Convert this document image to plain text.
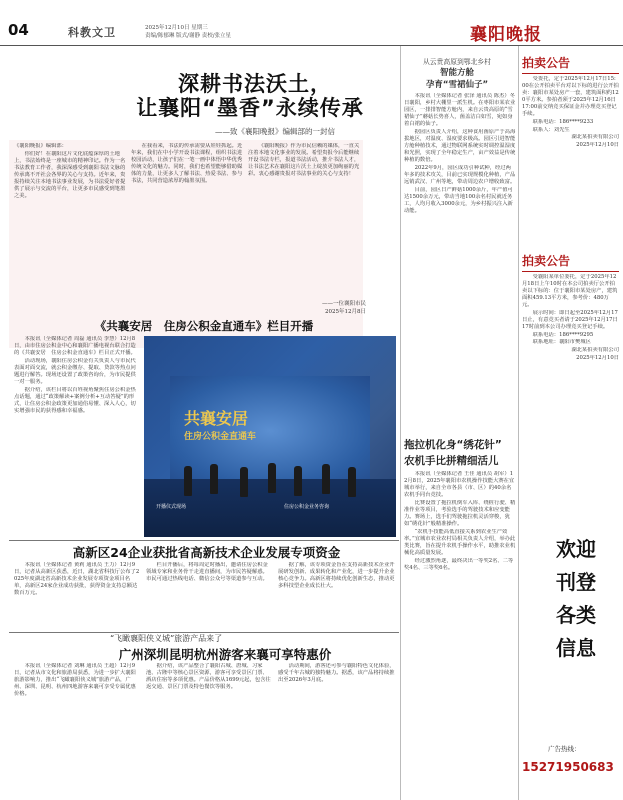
04	科教文卫	2025年12月10日 星期三
责编/陈郁琳 版式/谢静 责校/张立星	襄阳晚报
深耕书法沃土，
让襄阳“墨香”永续传承
——致《襄阳晚报》编辑部的一封信

《襄阳晚报》编辑部：

你们好！在襄阳这片文化底蕴深厚的土地上，书法始终是一座城市的精神印记。作为一名书法教育工作者，我深深感受到襄阳书法文脉的传承离不开社会各界的关心与支持。近年来，贵报持续关注本地书法事业发展，为书法爱好者提供了展示与交流的平台，让更多市民感受到笔墨之美。

在我看来，书法的传承需要从娃娃抓起。近年来，我们在中小学开设书法课程，组织书法进校园活动，让孩子们在一笔一画中体悟中华优秀传统文化的魅力。同时，我们也希望能够借助媒体的力量，让更多人了解书法、热爱书法、参与书法，共同营造浓厚的翰墨氛围。

《襄阳晚报》作为市民信赖的媒体，一直关注着本地文化事业的发展。希望贵报今后能继续开设书法专栏，报道书法活动，推介书法人才，让书法艺术在襄阳这片沃土上绽放更加绚丽的光彩。衷心感谢贵报对书法事业的关心与支持！

——一位襄阳市民
2025年12月8日
从云贵高原到鄂北乡村
智能方舱
孕育“雪裙仙子”

本报讯（全媒体记者 张泽 通讯员 陈杰）冬日襄阳，乡村大棚里一派生机。在枣阳市某农业园区，一排排智能方舱内，来自云贵高原的“雪裙仙子”蘑菇长势喜人，菌盖洁白如雪，宛如身着白裙的仙子。

据园区负责人介绍，这种食用菌原产于高海拔地区，对温度、湿度要求极高。园区引进智能方舱种植技术，通过物联网系统实时调控温湿度和光照，实现了全年稳定生产，亩产效益是传统种植的数倍。

2022年9月，园区成功引种试种，经过两年多的技术攻关，目前已实现规模化种植，产品远销武汉、广州等地，带动周边农户增收致富。

目前，园区日产鲜菇1000余斤，年产值可达1500余万元，带动当地100余名村民就近务工，人均月收入3000余元，为乡村振兴注入新动能。

拖拉机化身“绣花针”
农机手比拼精细活儿

本报讯（全媒体记者 王佳 通讯员 胡军）12月8日，2025年襄阳市农机操作技能大赛在宜城市举行，来自全市各县（市、区）的40余名农机手同台竞技。

比赛设置了拖拉机倒车入库、绕桩行驶、精准作业等项目，考验选手的驾驶技术和应变能力。赛场上，选手们驾驶拖拉机灵活穿梭，犹如“绣花针”般精准操作。

“农机手技能高低直接关系到农业生产效率。”宜城市农业农村局相关负责人介绍，举办此类比赛，旨在提升农机手操作水平，助推农业机械化高质量发展。

经过激烈角逐，最终决出一等奖2名、二等奖4名、三等奖6名。

拍卖公告

受委托，定于2025年12月17日15:00在公开拍卖平台对以下标的进行公开拍卖：襄阳市某处房产一套，建筑面积约120平方米。参拍者须于2025年12月16日17:00前交纳竞买保证金并办理竞买登记手续。

联系电话：186****9233

联系人：刘先生

湖北某拍卖有限公司

2025年12月10日

拍卖公告

受襄阳某单位委托，定于2025年12月18日上午10时在本公司拍卖厅公开拍卖以下标的：位于襄阳市某处房产，建筑面积459.13平方米，参考价：480万元。

展示时间：即日起至2025年12月17日止，有意竞买者请于2025年12月17日17时前到本公司办理竞买登记手续。

联系电话：186****9295

联系地址：襄阳市樊城区

湖北某拍卖有限公司

2025年12月10日

欢迎
刊登
各类
信息
广告热线：
15271950683
《共襄安居　住房公积金直通车》栏目开播

本报讯（全媒体记者 周磊 通讯员 李慧）12月8日，由市住房公积金中心和襄阳广播电视台联合打造的《共襄安居　住房公积金直通车》栏目正式开播。

活动现场，襄阳住房公积金有关负责人与市民代表面对面交流，就公积金缴存、提取、贷款等热点问题进行解答。现场还设置了政策咨询台，为市民提供一对一服务。

据介绍，该栏目将以百姓视角聚焦住房公积金热点话题，通过“政策解读+案例分析+互动答疑”的形式，让住房公积金政策更加通俗易懂、深入人心，切实增强市民的获得感和幸福感。	共襄安居
住房公积金直通车
开播仪式现场	住房公积金业务咨询
高新区24企业获批省高新技术企业发展专项资金

本报讯（全媒体记者 黄莉 通讯员 王力）12月9日，记者从高新区获悉，近日，湖北省科技厅公布了2025年度湖北省高新技术企业发展专项资金项目名单，高新区24家企业成功获批，获得资金支持总额达数百万元。

栏目开播后，将每周定时播出，邀请住房公积金领域专家和业务骨干走进直播间，为市民答疑解惑。市民可通过热线电话、微信公众号等渠道参与互动。

据了解，该专项资金旨在支持高新技术企业开展研发创新、成果转化和产业化，进一步提升企业核心竞争力。高新区将持续优化创新生态，推动更多科技型企业成长壮大。

“飞瞰襄阳侠义城”旅游产品来了
广州深圳昆明杭州游客来襄可享特惠价

本报讯（全媒体记者 刘琳 通讯员 王超）12月9日，记者从市文化和旅游局获悉，为进一步扩大襄阳旅游影响力，推出“飞瞰襄阳侠义城”旅游产品，广州、深圳、昆明、杭州四地游客来襄可享受专属优惠价格。

据介绍，该产品整合了襄阳古城、唐城、习家池、古隆中等核心景区资源，游客可享受景区门票、酒店住宿等多项优惠。产品价格从1699元起，包含往返交通、景区门票及特色餐饮等服务。

活动期间，游客还可参与襄阳特色文化体验，感受千年古城的独特魅力。据悉，该产品将持续推出至2026年3月底。
